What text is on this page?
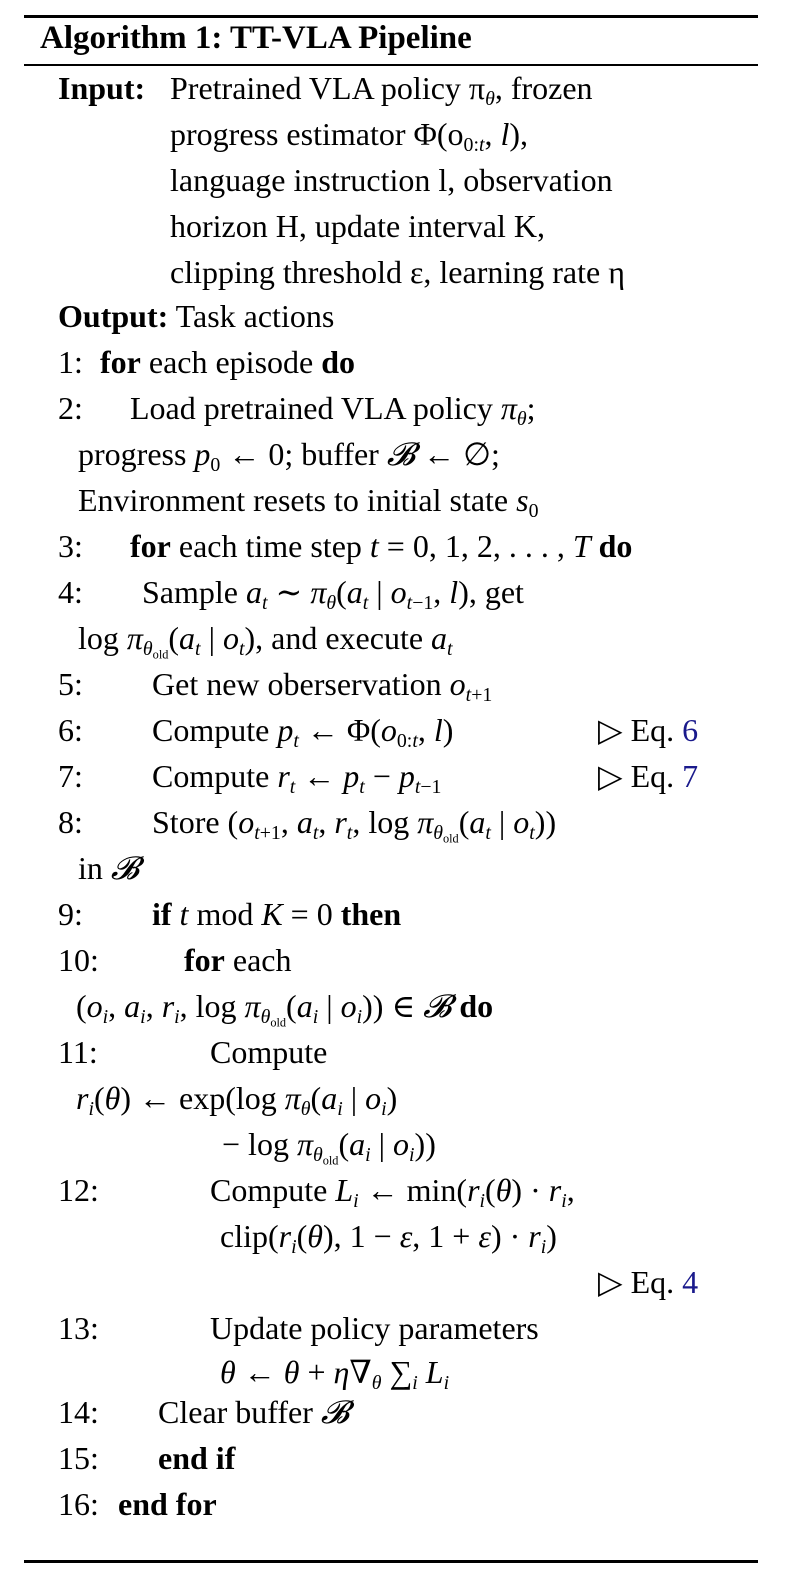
Algorithm 1: TT-VLA Pipeline
Input: Pretrained VLA policy $\pi_\theta$, frozen
progress estimator $\Phi(o_{0:t}$, l),
language instruction l, observation
horizon H, update interval K,
clipping threshold ε, learning rate η
Output: Task actions
1: for each episode do
2: Load pretrained VLA policy $\pi_\theta$;
progress $p_0$ ← 0; buffer 𝓑 ← ∅;
Environment resets to initial state $s_0$
3: for each time step t = 0, 1, 2, . . . , T do
4: Sample $a_t$ ∼ $\pi_\theta(a_t$ | $o_{t-1}$, l), get
$\log \pi_{\theta_{old}}(a_t$ | $o_t$), and execute $a_t$
5: Get new oberservation $o_{t+1}$
6: Compute $p_t$ ← $\Phi(o_{0:t}$, l)	▷ Eq. 6
7: Compute $r_t$ ← $p_t - p_{t-1}$	▷ Eq. 7
8: Store ($o_{t+1}$, $a_t$, $r_t$, $\log \pi_{\theta_{old}}(a_t$ | $o_t$))
in 𝓑
9: if t mod K = 0 then
10:	for each
($o_i$, $a_i$, $r_i$, $\log \pi_{\theta_{old}}(a_i$ | $o_i$)) ∈ 𝓑 do
11:	Compute
$r_i(\theta)$ ← exp(log $\pi_\theta(a_i$ | $o_i$)
− $\log \pi_{\theta_{old}}(a_i$ | $o_i$))
12:	Compute $L_i$ ← $\min(r_i(\theta) \cdot r_i$,
$clip(r_i(\theta)$, 1 − ε, $1 + \varepsilon) \cdot r_i$)
▷ Eq. 4
13:	Update policy parameters
θ ← $\theta + \eta\nabla_\theta$ $\sum_i$ $L_i$
14: Clear buffer 𝓑
15: end if
16: end for
